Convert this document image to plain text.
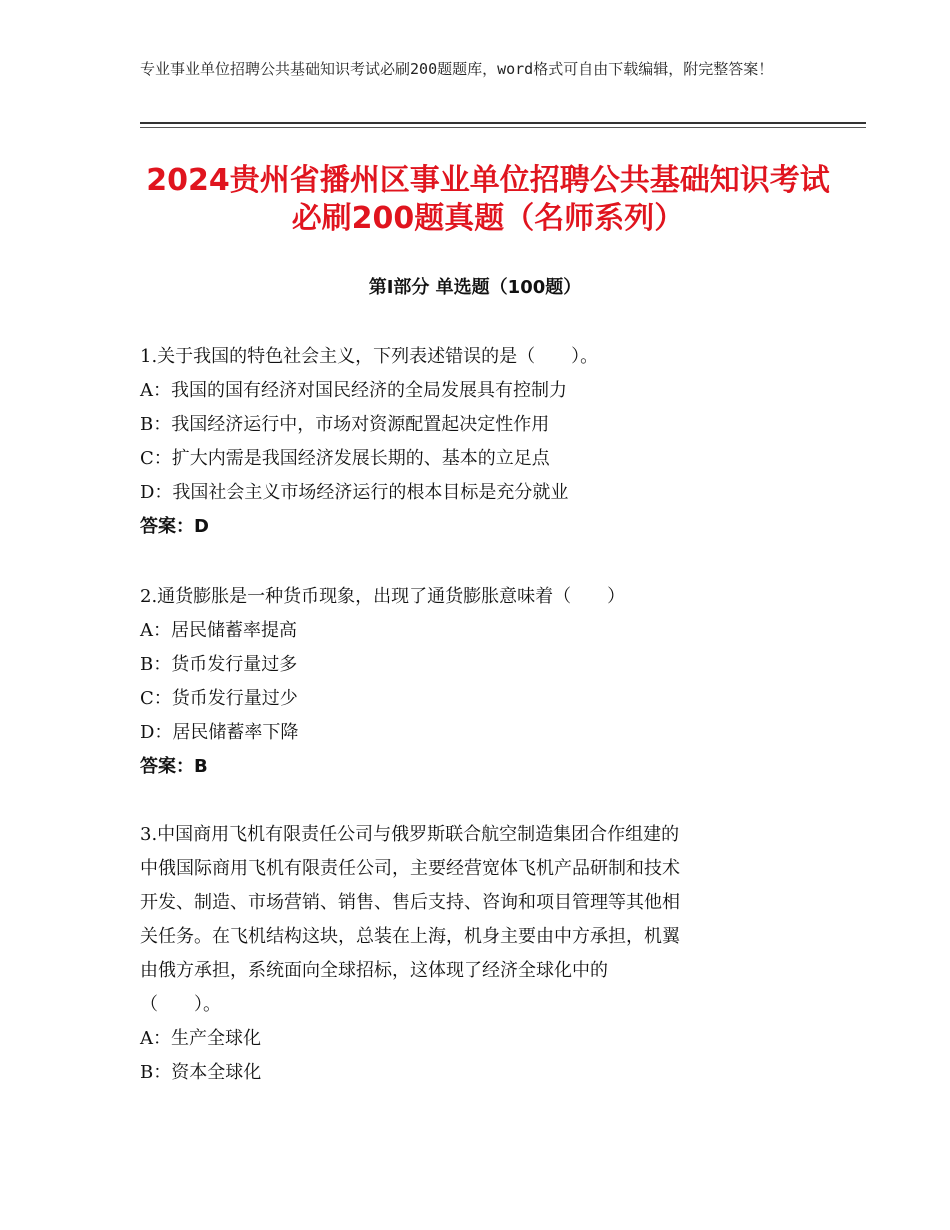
专业事业单位招聘公共基础知识考试必刷200题题库，word格式可自由下载编辑，附完整答案！
2024贵州省播州区事业单位招聘公共基础知识考试必刷200题真题（名师系列）
第Ⅰ部分 单选题（100题）
1.关于我国的特色社会主义，下列表述错误的是（　　）。
A：我国的国有经济对国民经济的全局发展具有控制力
B：我国经济运行中，市场对资源配置起决定性作用
C：扩大内需是我国经济发展长期的、基本的立足点
D：我国社会主义市场经济运行的根本目标是充分就业
答案：D
2.通货膨胀是一种货币现象，出现了通货膨胀意味着（　　）
A：居民储蓄率提高
B：货币发行量过多
C：货币发行量过少
D：居民储蓄率下降
答案：B
3.中国商用飞机有限责任公司与俄罗斯联合航空制造集团合作组建的
中俄国际商用飞机有限责任公司，主要经营宽体飞机产品研制和技术
开发、制造、市场营销、销售、售后支持、咨询和项目管理等其他相
关任务。在飞机结构这块，总装在上海，机身主要由中方承担，机翼
由俄方承担，系统面向全球招标，这体现了经济全球化中的
（　　）。
A：生产全球化
B：资本全球化
